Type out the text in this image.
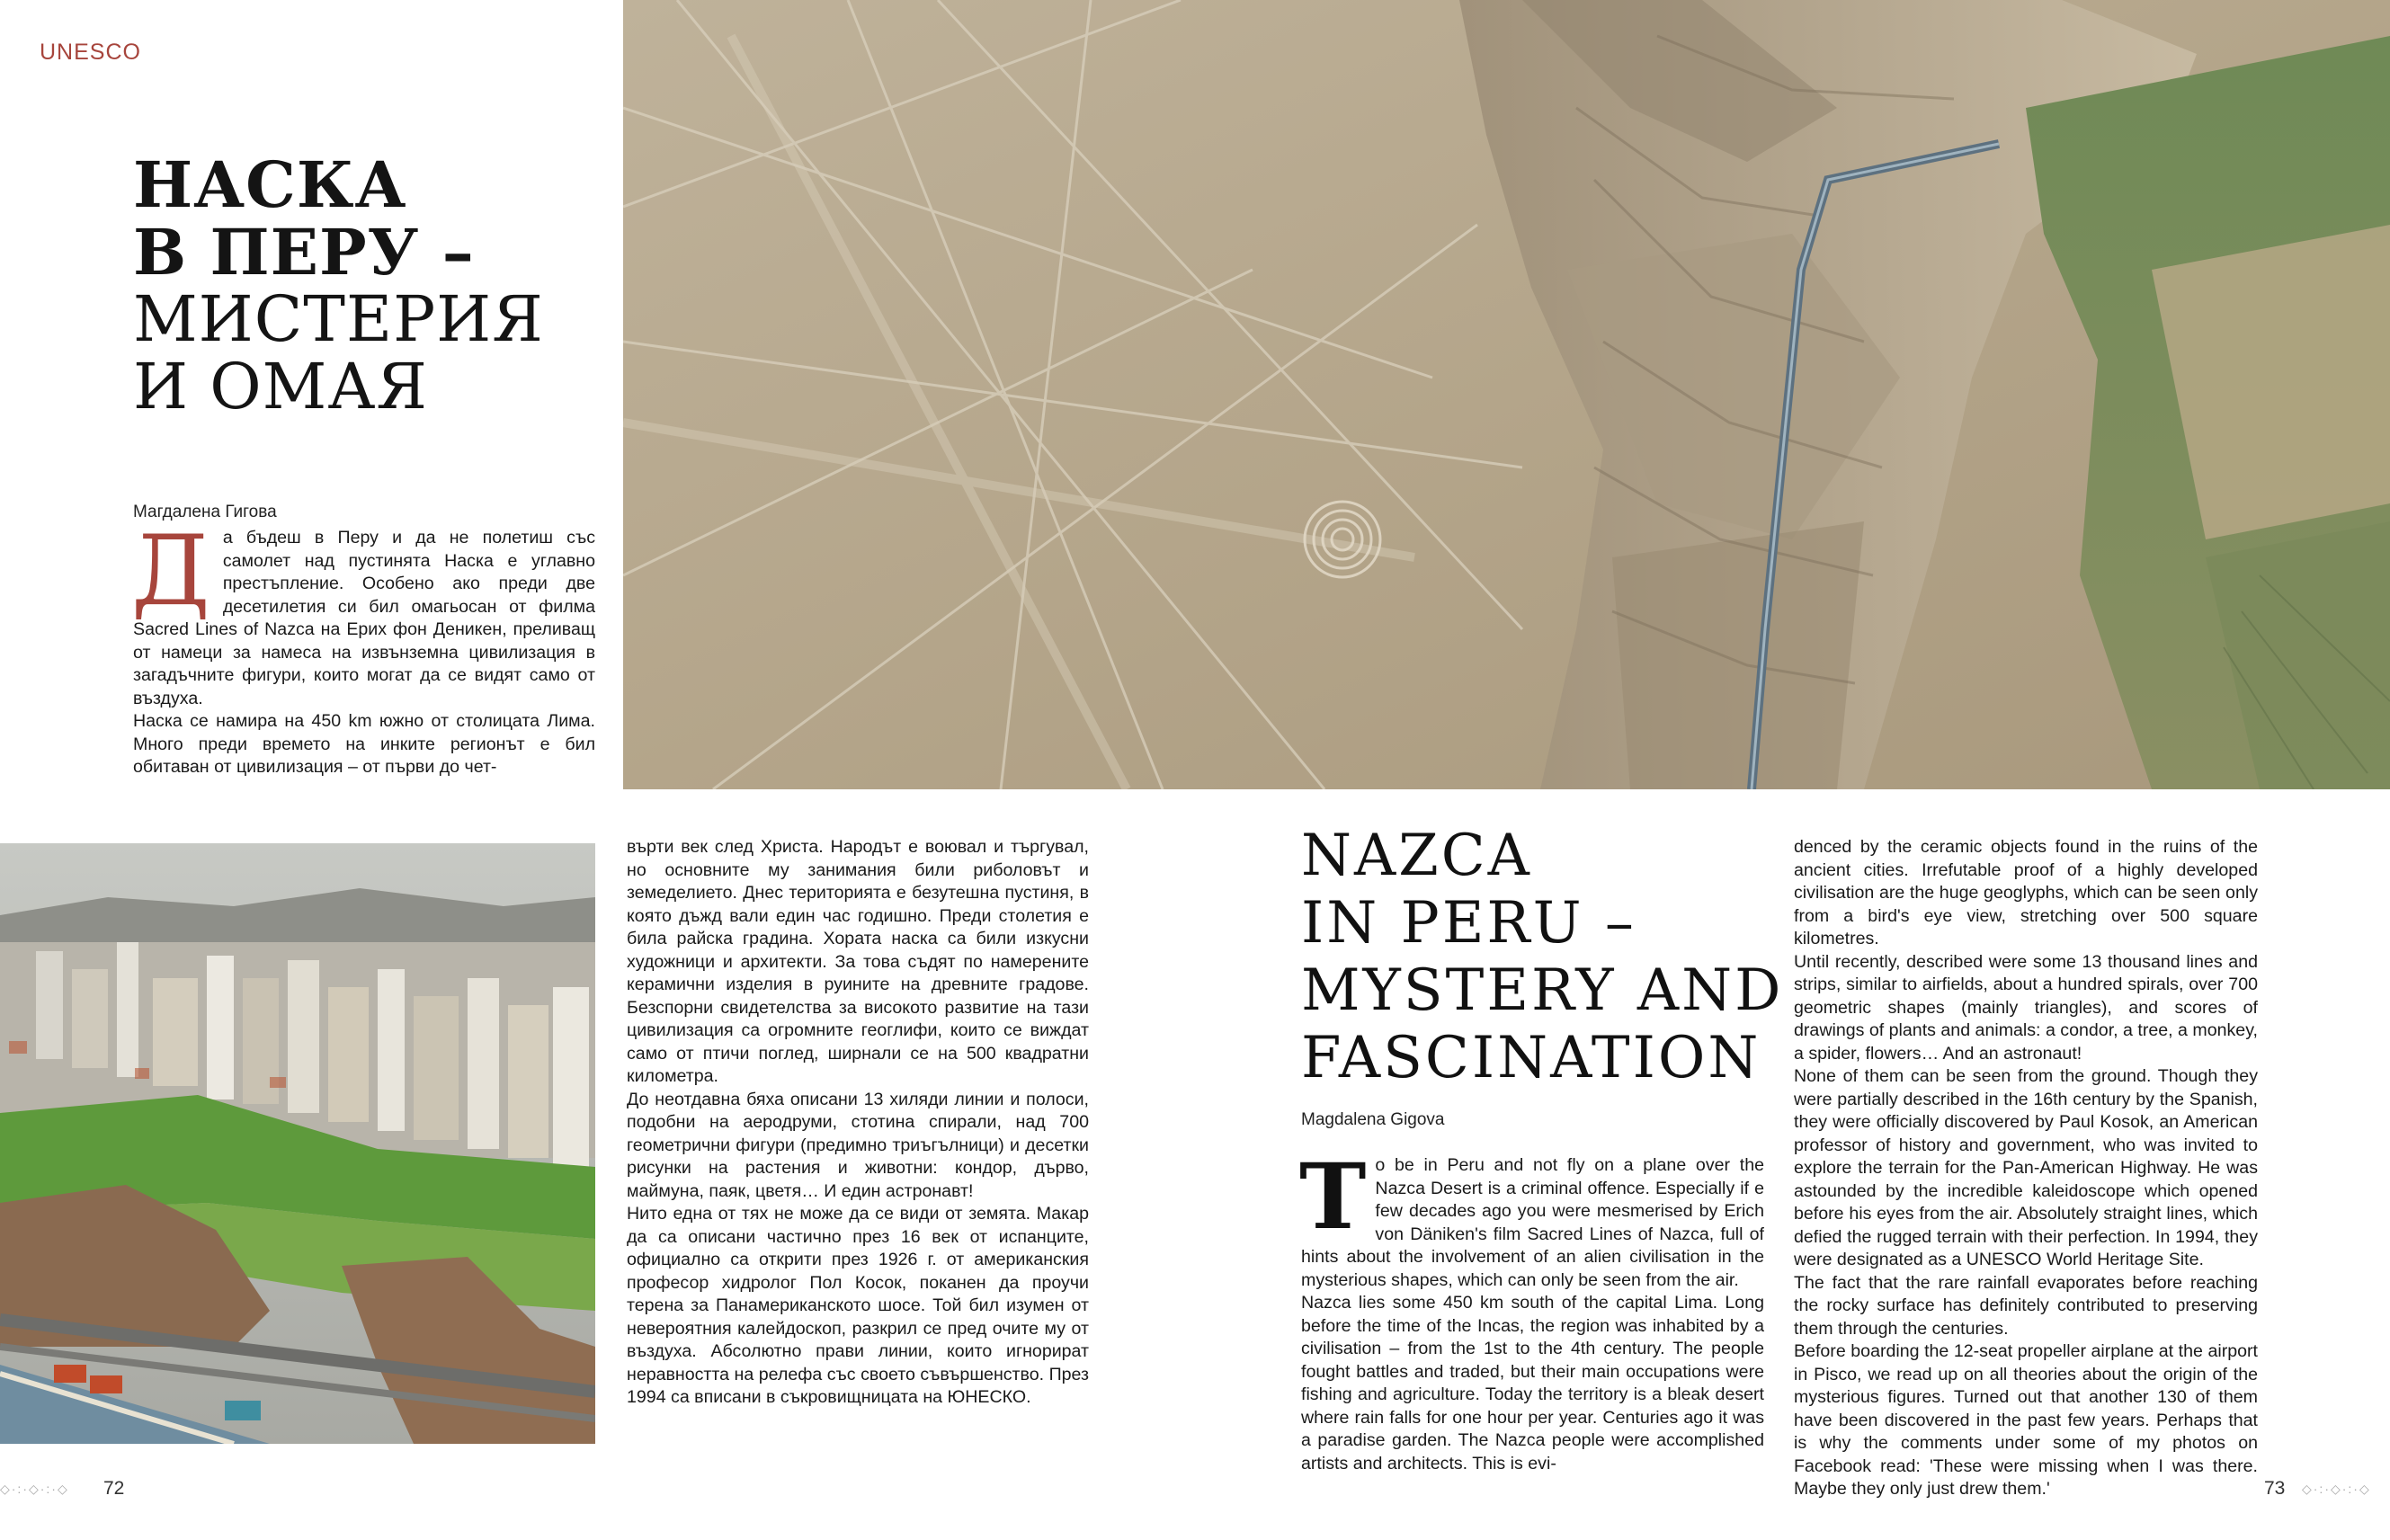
UNESCO
НАСКА
В ПЕРУ –
МИСТЕРИЯ
И ОМАЯ
Магдалена Гигова

Да бъдеш в Перу и да не полетиш със самолет над пустинята Наска е углавно престъпление. Особено ако преди две десетилетия си бил омагьосан от филма Sacred Lines of Nazca на Ерих фон Деникен, преливащ от намеци за намеса на извънземна цивилизация в загадъчните фигури, които могат да се видят само от въздуха.

Наска се намира на 450 km южно от столицата Лима. Много преди времето на инките регионът е бил обитаван от цивилизация – от първи до чет-

върти век след Христа. Народът е воювал и търгувал, но основните му занимания били риболовът и земеделието. Днес територията е безутешна пустиня, в която дъжд вали един час годишно. Преди столетия е била райска градина. Хората наска са били изкусни художници и архитекти. За това съдят по намерените керамични изделия в руините на древните градове. Безспорни свидетелства за високото развитие на тази цивилизация са огромните геоглифи, които се виждат само от птичи поглед, ширнали се на 500 квадратни километра.

До неотдавна бяха описани 13 хиляди линии и полоси, подобни на аеродруми, стотина спирали, над 700 геометрични фигури (предимно триъгълници) и десетки рисунки на растения и животни: кондор, дърво, маймуна, паяк, цветя… И един астронавт!

Нито една от тях не може да се види от земята. Макар да са описани частично през 16 век от испанците, официално са открити през 1926 г. от американския професор хидролог Пол Косок, поканен да проучи терена за Панамериканското шосе. Той бил изумен от невероятния калейдоскоп, разкрил се пред очите му от въздуха. Абсолютно прави линии, които игнорират неравността на релефа със своето съвършенство. През 1994 са вписани в съкровищницата на ЮНЕСКО.

NAZCA
IN PERU –
MYSTERY AND
FASCINATION
Magdalena Gigova

To be in Peru and not fly on a plane over the Nazca Desert is a criminal offence. Especially if e few decades ago you were mesmerised by Erich von Däniken's film Sacred Lines of Nazca, full of hints about the involvement of an alien civilisation in the mysterious shapes, which can only be seen from the air.

Nazca lies some 450 km south of the capital Lima. Long before the time of the Incas, the region was inhabited by a civilisation – from the 1st to the 4th century. The people fought battles and traded, but their main occupations were fishing and agriculture. Today the territory is a bleak desert where rain falls for one hour per year. Centuries ago it was a paradise garden. The Nazca people were accomplished artists and architects. This is evi-

denced by the ceramic objects found in the ruins of the ancient cities. Irrefutable proof of a highly developed civilisation are the huge geoglyphs, which can be seen only from a bird's eye view, stretching over 500 square kilometres.

Until recently, described were some 13 thousand lines and strips, similar to airfields, about a hundred spirals, over 700 geometric shapes (mainly triangles), and scores of drawings of plants and animals: a condor, a tree, a monkey, a spider, flowers… And an astronaut!

None of them can be seen from the ground. Though they were partially described in the 16th century by the Spanish, they were officially discovered by Paul Kosok, an American professor of history and government, who was invited to explore the terrain for the Pan-American Highway. He was astounded by the incredible kaleidoscope which opened before his eyes from the air. Absolutely straight lines, which defied the rugged terrain with their perfection. In 1994, they were designated as a UNESCO World Heritage Site.

The fact that the rare rainfall evaporates before reaching the rocky surface has definitely contributed to preserving them through the centuries.

Before boarding the 12-seat propeller airplane at the airport in Pisco, we read up on all theories about the origin of the mysterious figures. Turned out that another 130 of them have been discovered in the past few years. Perhaps that is why the comments under some of my photos on Facebook read: 'These were missing when I was there. Maybe they only just drew them.'

◇·:·◇·:·◇ 72	73 ◇·:·◇·:·◇
